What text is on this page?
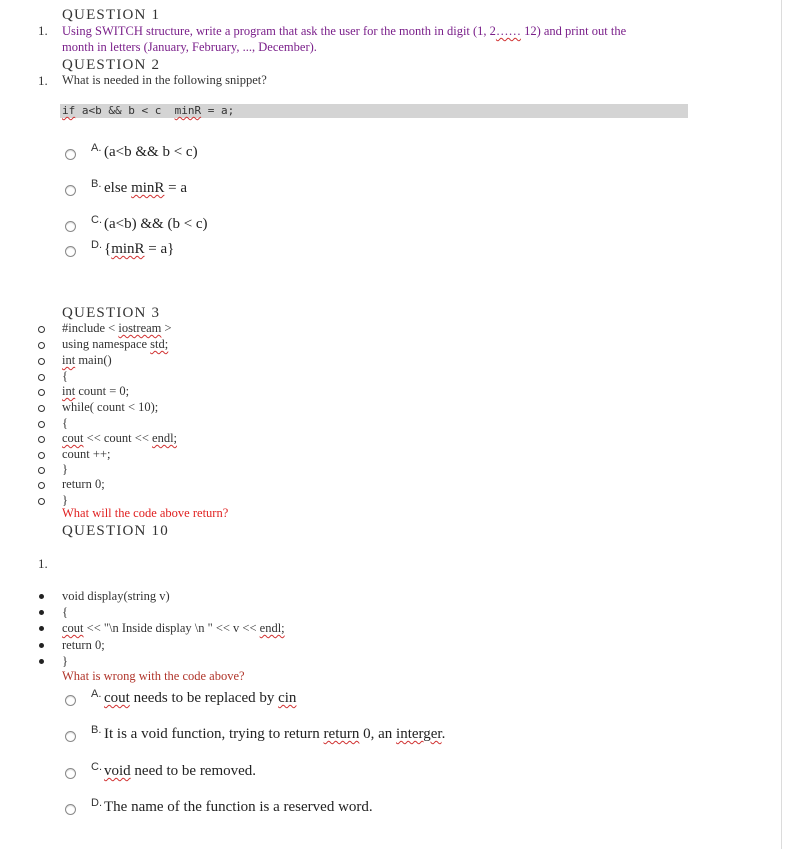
QUESTION 1
1. Using SWITCH structure, write a program that ask the user for the month in digit (1, 2…… 12) and print out the
month in letters (January, February, ..., December).
QUESTION 2
1. What is needed in the following snippet?
if a<b && b < c  minR = a;
A. (a<b && b < c)
B. else minR = a
C. (a<b) && (b < c)
D. {minR = a}
QUESTION 3
#include < iostream >
using namespace std;
int main()
{
int count = 0;
while( count < 10);
{
cout << count << endl;
count ++;
}
return 0;
}
What will the code above return?
QUESTION 10
1.
void display(string v)
{
cout << "\n Inside display \n " << v << endl;
return 0;
}
What is wrong with the code above?
A. cout needs to be replaced by cin
B. It is a void function, trying to return return 0, an interger.
C. void need to be removed.
D. The name of the function is a reserved word.
